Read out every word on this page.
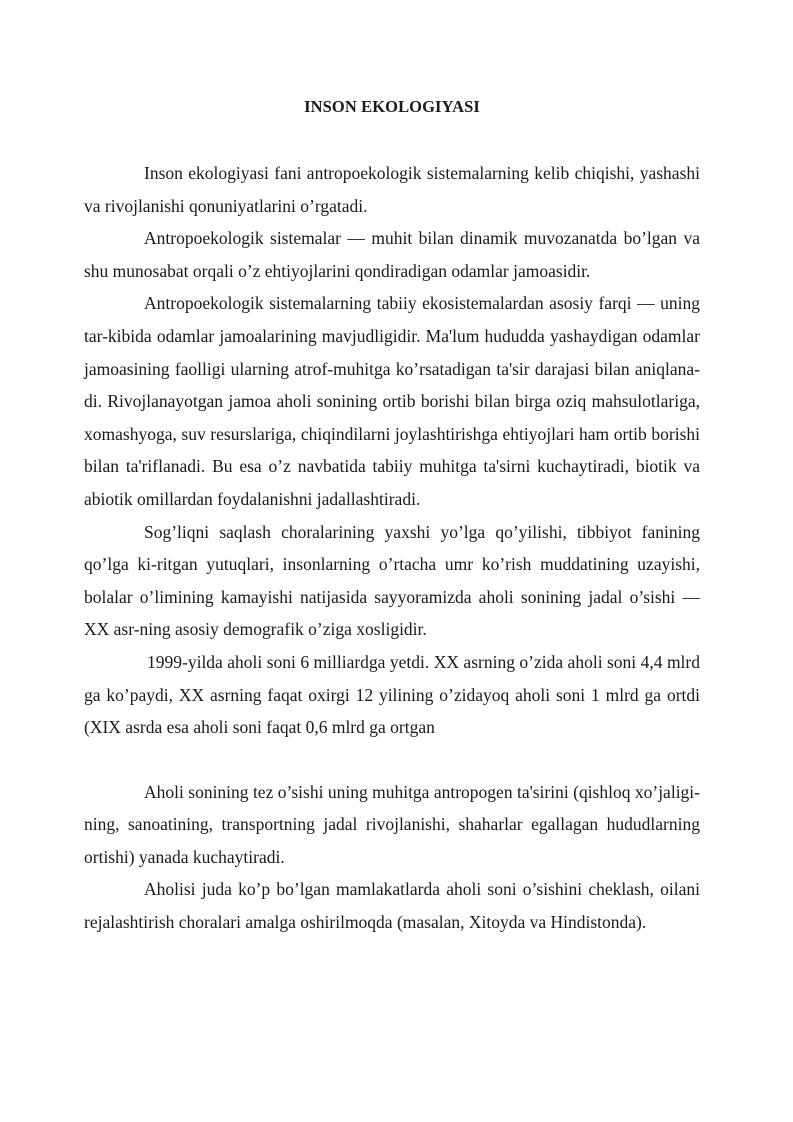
INSON EKOLOGIYASI

Inson ekologiyasi fani antropoekologik sistemalarning kelib chiqishi, yashashi va rivojlanishi qonuniyatlarini o’rgatadi.

Antropoekologik sistemalar — muhit bilan dinamik muvozanatda bo’lgan va shu munosabat orqali o’z ehtiyojlarini qondiradigan odamlar jamoasidir.

Antropoekologik sistemalarning tabiiy ekosistemalardan asosiy farqi — uning tar-kibida odamlar jamoalarining mavjudligidir. Ma'lum hududda yashaydigan odamlar jamoasining faolligi ularning atrof-muhitga ko’rsatadigan ta'sir darajasi bilan aniqlana-di. Rivojlanayotgan jamoa aholi sonining ortib borishi bilan birga oziq mahsulotlariga, xomashyoga, suv resurslariga, chiqindilarni joylashtirishga ehtiyojlari ham ortib borishi bilan ta'riflanadi. Bu esa o’z navbatida tabiiy muhitga ta'sirni kuchaytiradi, biotik va abiotik omillardan foydalanishni jadallashtiradi.

Sog’liqni saqlash choralarining yaxshi yo’lga qo’yilishi, tibbiyot fanining qo’lga ki-ritgan yutuqlari, insonlarning o’rtacha umr ko’rish muddatining uzayishi, bolalar o’limining kamayishi natijasida sayyoramizda aholi sonining jadal o’sishi — XX asr-ning asosiy demografik o’ziga xosligidir.

1999-yilda aholi soni 6 milliardga yetdi. XX asrning o’zida aholi soni 4,4 mlrd ga ko’paydi, XX asrning faqat oxirgi 12 yilining o’zidayoq aholi soni 1 mlrd ga ortdi (XIX asrda esa aholi soni faqat 0,6 mlrd ga ortgan

Aholi sonining tez o’sishi uning muhitga antropogen ta'sirini (qishloq xo’jaligi-ning, sanoatining, transportning jadal rivojlanishi, shaharlar egallagan hududlarning ortishi) yanada kuchaytiradi.

Aholisi juda ko’p bo’lgan mamlakatlarda aholi soni o’sishini cheklash, oilani rejalashtirish choralari amalga oshirilmoqda (masalan, Xitoyda va Hindistonda).
